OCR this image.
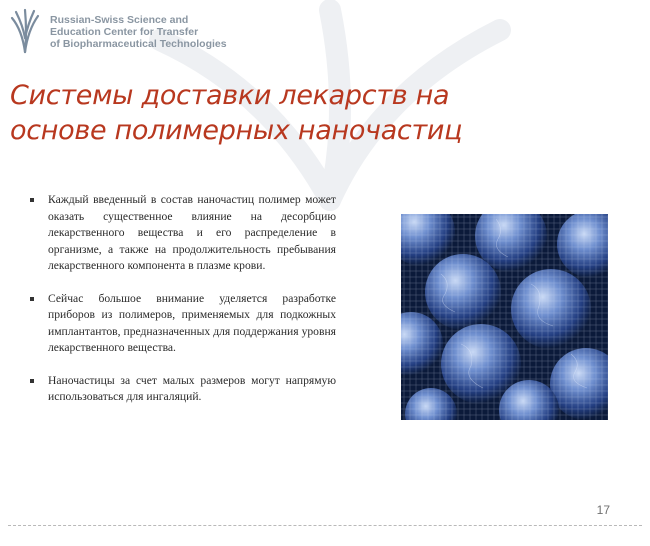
Russian-Swiss Science and
Education Center for Transfer
of Biopharmaceutical Technologies
Системы доставки лекарств на
основе полимерных наночастиц
Каждый введенный в состав наночастиц полимер может оказать существенное влияние на десорбцию лекарственного вещества и его распределение в организме, а также на продолжительность пребывания лекарственного компонента в плазме крови.
Сейчас большое внимание уделяется разработке приборов из полимеров, применяемых для подкожных имплантантов, предназначенных для поддержания уровня лекарственного вещества.
Наночастицы за счет малых размеров могут напрямую использоваться для ингаляций.
17
